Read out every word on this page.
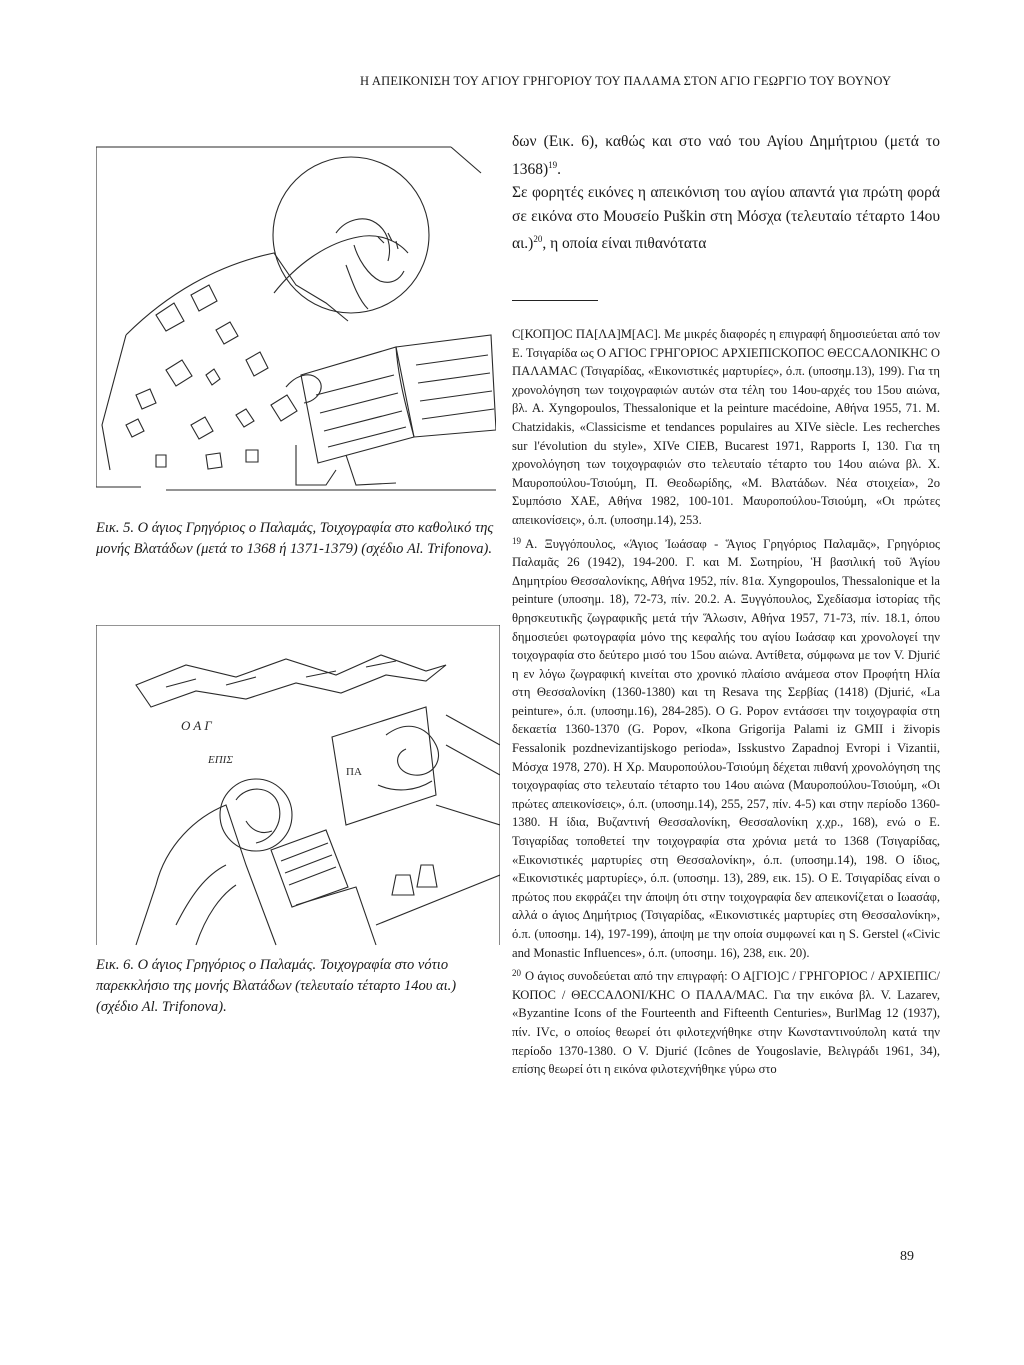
Η ΑΠΕΙΚΟΝΙΣΗ ΤΟΥ ΑΓΙΟΥ ΓΡΗΓΟΡΙΟΥ ΤΟΥ ΠΑΛΑΜΑ ΣΤΟΝ ΑΓΙΟ ΓΕΩΡΓΙΟ ΤΟΥ ΒΟΥΝΟΥ
Εικ. 5. Ο άγιος Γρηγόριος ο Παλαμάς, Τοιχογραφία στο καθολικό της μονής Βλατάδων (μετά το 1368 ή 1371-1379) (σχέδιο Al. Trifonova).
Ο Α Γ
ΕΠΙΣ
ΠΑ
Εικ. 6. Ο άγιος Γρηγόριος ο Παλαμάς. Τοιχογραφία στο νότιο παρεκκλήσιο της μονής Βλατάδων (τελευταίο τέταρτο 14ου αι.) (σχέδιο Al. Trifonova).

δων (Εικ. 6), καθώς και στο ναό του Αγίου Δημήτριου (μετά το 1368)$^{19}$.

Σε φορητές εικόνες η απεικόνιση του αγίου απαντά για πρώτη φορά σε εικόνα στο Μουσείο Puškin στη Μόσχα (τελευταίο τέταρτο 14ου αι.)$^{20}$, η οποία είναι πιθανότατα

C[ΚΟΠ]ΟC ΠΑ[ΛΑ]Μ[ΑC]. Με μικρές διαφορές η επιγραφή δημοσιεύεται από τον Ε. Τσιγαρίδα ως Ο ΑΓΙΟC ΓΡΗΓΟΡΙΟC ΑΡΧΙΕΠΙCΚΟΠΟC ΘΕCCΑΛΟΝΙΚΗC Ο ΠΑΛΑΜΑC (Τσιγαρίδας, «Εικονιστικές μαρτυρίες», ό.π. (υποσημ.13), 199). Για τη χρονολόγηση των τοιχογραφιών αυτών στα τέλη του 14ου-αρχές του 15ου αιώνα, βλ. A. Xyngopoulos, Thessalonique et la peinture macédoine, Αθήνα 1955, 71. M. Chatzidakis, «Classicisme et tendances populaires au XIVe siècle. Les recherches sur l'évolution du style», XIVe CIEB, Bucarest 1971, Rapports I, 130. Για τη χρονολόγηση των τοιχογραφιών στο τελευταίο τέταρτο του 14ου αιώνα βλ. Χ. Μαυροπούλου-Τσιούμη, Π. Θεοδωρίδης, «Μ. Βλατάδων. Νέα στοιχεία», 2ο Συμπόσιο ΧΑΕ, Αθήνα 1982, 100-101. Μαυροπούλου-Τσιούμη, «Οι πρώτες απεικονίσεις», ό.π. (υποσημ.14), 253.

$^{19}$ Α. Ξυγγόπουλος, «Άγιος Ἰωάσαφ - Ἅγιος Γρηγόριος Παλαμᾶς», Γρηγόριος Παλαμᾶς 26 (1942), 194-200. Γ. και Μ. Σωτηρίου, Ἡ βασιλική τοῦ Ἁγίου Δημητρίου Θεσσαλονίκης, Αθήνα 1952, πίν. 81α. Xyngopoulos, Thessalonique et la peinture (υποσημ. 18), 72-73, πίν. 20.2. Α. Ξυγγόπουλος, Σχεδίασμα ἱστορίας τῆς θρησκευτικῆς ζωγραφικῆς μετά τήν Ἅλωσιν, Αθήνα 1957, 71-73, πίν. 18.1, όπου δημοσιεύει φωτογραφία μόνο της κεφαλής του αγίου Ιωάσαφ και χρονολογεί την τοιχογραφία στο δεύτερο μισό του 15ου αιώνα. Αντίθετα, σύμφωνα με τον V. Djurić η εν λόγω ζωγραφική κινείται στο χρονικό πλαίσιο ανάμεσα στον Προφήτη Ηλία στη Θεσσαλονίκη (1360-1380) και τη Resava της Σερβίας (1418) (Djurić, «La peinture», ό.π. (υποσημ.16), 284-285). O G. Popov εντάσσει την τοιχογραφία στη δεκαετία 1360-1370 (G. Popov, «Ikona Grigorija Palami iz GMII i živopis Fessalonik pozdnevizantijskogo perioda», Isskustvo Zapadnoj Evropi i Vizantii, Μόσχα 1978, 270). Η Χρ. Μαυροπούλου-Τσιούμη δέχεται πιθανή χρονολόγηση της τοιχογραφίας στο τελευταίο τέταρτο του 14ου αιώνα (Μαυροπούλου-Τσιούμη, «Οι πρώτες απεικονίσεις», ό.π. (υποσημ.14), 255, 257, πίν. 4-5) και στην περίοδο 1360-1380. Η ίδια, Βυζαντινή Θεσσαλονίκη, Θεσσαλονίκη χ.χρ., 168), ενώ ο Ε. Τσιγαρίδας τοποθετεί την τοιχογραφία στα χρόνια μετά το 1368 (Τσιγαρίδας, «Εικονιστικές μαρτυρίες στη Θεσσαλονίκη», ό.π. (υποσημ.14), 198. Ο ίδιος, «Εικονιστικές μαρτυρίες», ό.π. (υποσημ. 13), 289, εικ. 15). Ο Ε. Τσιγαρίδας είναι ο πρώτος που εκφράζει την άποψη ότι στην τοιχογραφία δεν απεικονίζεται ο Ιωασάφ, αλλά ο άγιος Δημήτριος (Τσιγαρίδας, «Εικονιστικές μαρτυρίες στη Θεσσαλονίκη», ό.π. (υποσημ. 14), 197-199), άποψη με την οποία συμφωνεί και η S. Gerstel («Civic and Monastic Influences», ό.π. (υποσημ. 16), 238, εικ. 20).

$^{20}$ Ο άγιος συνοδεύεται από την επιγραφή: Ο Α[ΓΙΟ]C / ΓΡΗΓΟΡΙΟC / ΑΡΧΙΕΠΙC/ΚΟΠΟC / ΘΕCCΑΛΟΝΙ/ΚΗC Ο ΠΑΛΑ/ΜΑC. Για την εικόνα βλ. V. Lazarev, «Byzantine Icons of the Fourteenth and Fifteenth Centuries», BurlMag 12 (1937), πίν. IVc, ο οποίος θεωρεί ότι φιλοτεχνήθηκε στην Κωνσταντινούπολη κατά την περίοδο 1370-1380. O V. Djurić (Icônes de Yougoslavie, Βελιγράδι 1961, 34), επίσης θεωρεί ότι η εικόνα φιλοτεχνήθηκε γύρω στο

89
